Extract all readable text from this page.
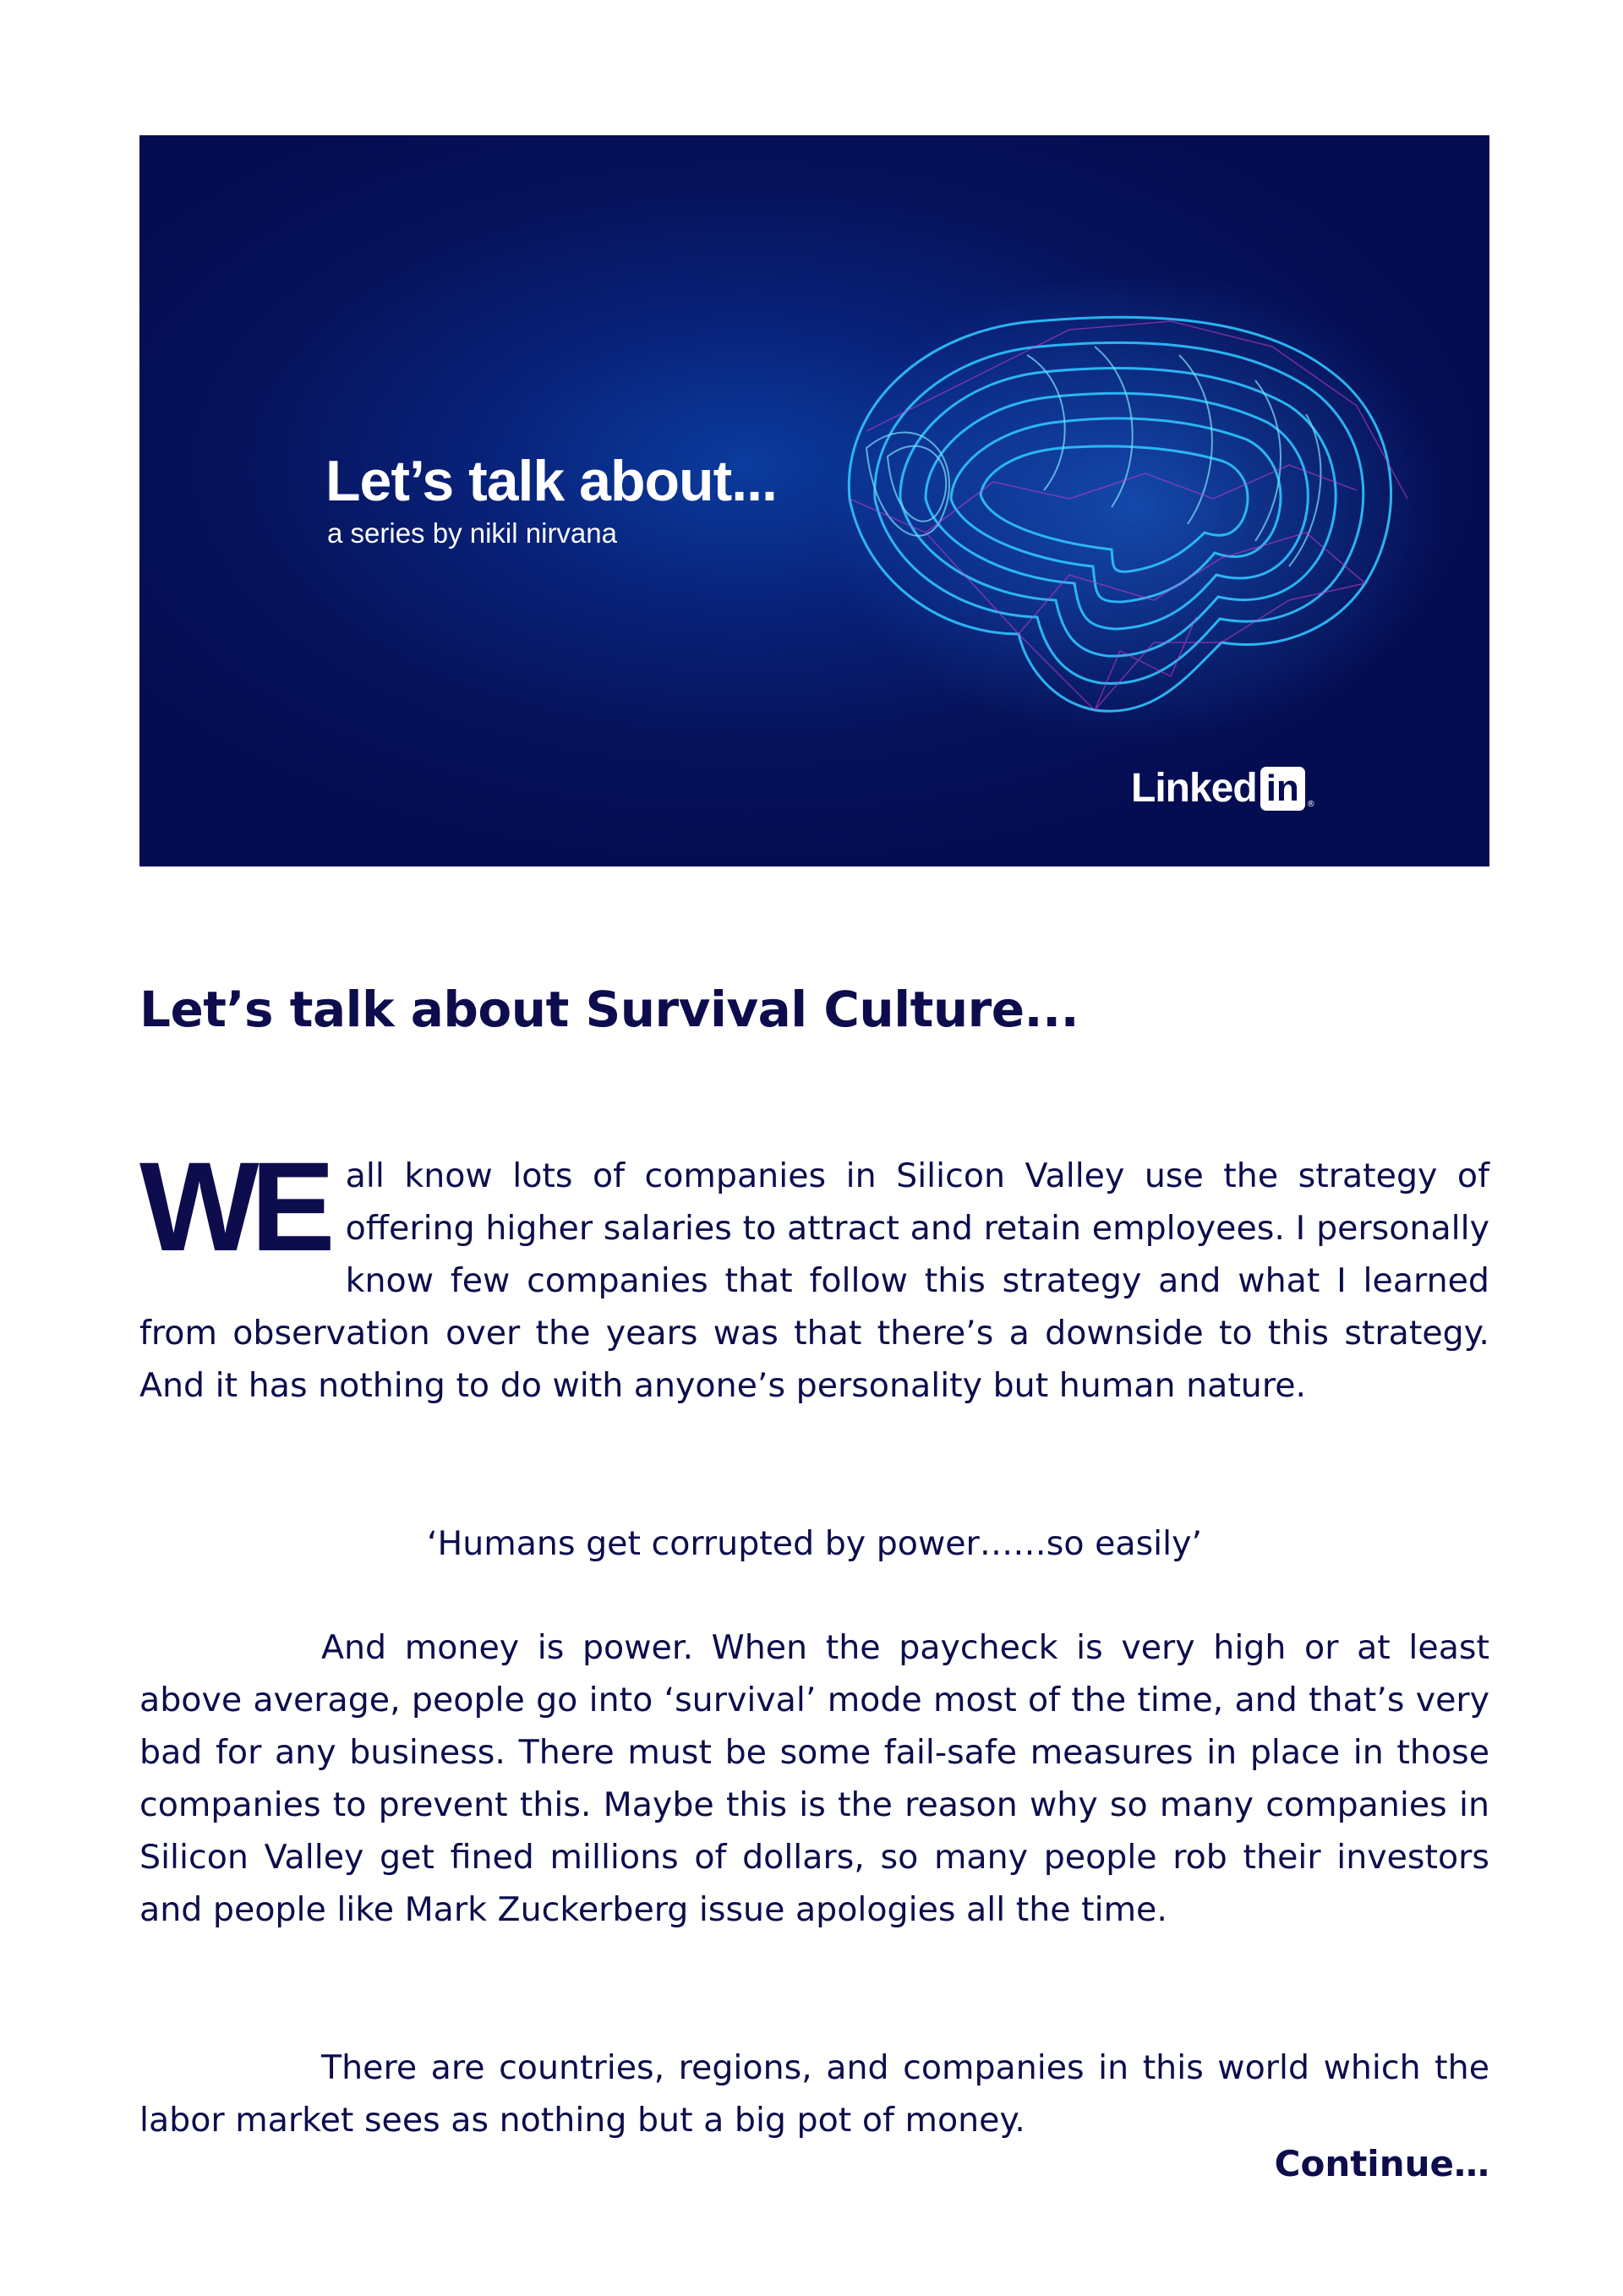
Let’s talk about...
a series by nikil nirvana
Linked in ®
Let’s talk about Survival Culture...

WE all know lots of companies in Silicon Valley use the strategy of offering higher salaries to attract and retain employees. I personally know few companies that follow this strategy and what I learned from observation over the years was that there’s a downside to this strategy. And it has nothing to do with anyone’s personality but human nature.

‘Humans get corrupted by power……so easily’

And money is power. When the paycheck is very high or at least above average, people go into ‘survival’ mode most of the time, and that’s very bad for any business. There must be some fail-safe measures in place in those companies to prevent this. Maybe this is the reason why so many companies in Silicon Valley get fined millions of dollars, so many people rob their investors and people like Mark Zuckerberg issue apologies all the time.

There are countries, regions, and companies in this world which the labor market sees as nothing but a big pot of money.

Continue…
